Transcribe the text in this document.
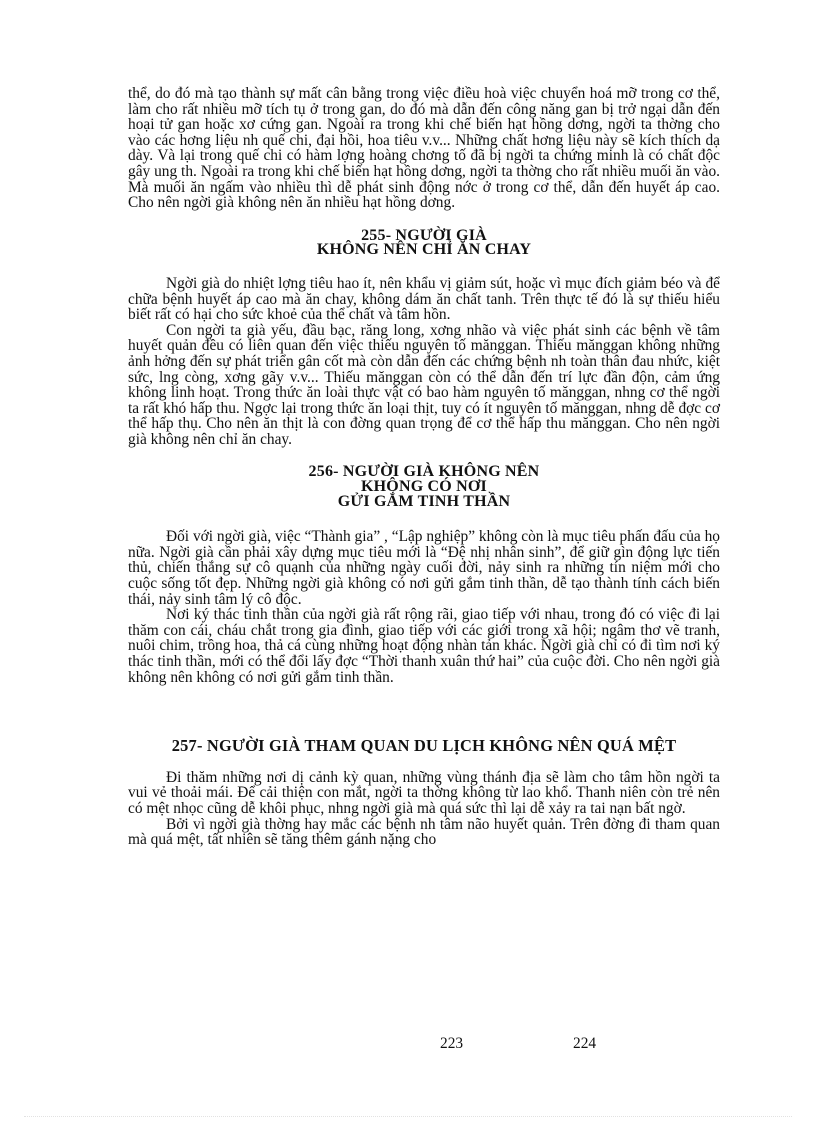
thể, do đó mà tạo thành sự mất cân bằng trong việc điều hoà việc chuyển hoá mỡ trong cơ thể, làm cho rất nhiều mỡ tích tụ ở trong gan, do đó mà dẫn đến công năng gan bị trở ngại dẫn đến hoại tử gan hoặc xơ cứng gan. Ngoài ra trong khi chế biến hạt hồng dơng, ngời ta thờng cho vào các hơng liệu nh quế chi, đại hồi, hoa tiêu v.v... Những chất hơng liệu này sẽ kích thích dạ dày. Và lại trong quế chi có hàm lợng hoàng chơng tố đã bị ngời ta chứng minh là có chất độc gây ung th. Ngoài ra trong khi chế biến hạt hồng dơng, ngời ta thờng cho rất nhiều muối ăn vào. Mà muối ăn ngấm vào nhiều thì dễ phát sinh động nớc ở trong cơ thể, dẫn đến huyết áp cao. Cho nên ngời già không nên ăn nhiều hạt hồng dơng.

255- NGƯỜI GIÀ
KHÔNG NÊN CHỈ ĂN CHAY

Ngời già do nhiệt lợng tiêu hao ít, nên khẩu vị giảm sút, hoặc vì mục đích giảm béo và để chữa bệnh huyết áp cao mà ăn chay, không dám ăn chất tanh. Trên thực tế đó là sự thiếu hiểu biết rất có hại cho sức khoẻ của thể chất và tâm hồn.

Con ngời ta già yếu, đầu bạc, răng long, xơng nhão và việc phát sinh các bệnh về tâm huyết quản đều có liên quan đến việc thiếu nguyên tố mănggan. Thiếu mănggan không những ảnh hởng đến sự phát triển gân cốt mà còn dẫn đến các chứng bệnh nh toàn thân đau nhức, kiệt sức, lng còng, xơng gãy v.v... Thiếu mănggan còn có thể dẫn đến trí lực đần độn, cảm ứng không linh hoạt. Trong thức ăn loài thực vật có bao hàm nguyên tố mănggan, nhng cơ thể ngời ta rất khó hấp thu. Ngợc lại trong thức ăn loại thịt, tuy có ít nguyên tố mănggan, nhng dễ đợc cơ thể hấp thụ. Cho nên ăn thịt là con đờng quan trọng để cơ thể hấp thu mănggan. Cho nên ngời già không nên chỉ ăn chay.

256- NGƯỜI GIÀ KHÔNG NÊN
KHÔNG CÓ NƠI
GỬI GẮM TINH THẦN

Đối với ngời già, việc “Thành gia” , “Lập nghiệp” không còn là mục tiêu phấn đấu của họ nữa. Ngời già cần phải xây dựng mục tiêu mới là “Đệ nhị nhân sinh”, để giữ gìn động lực tiến thủ, chiến thắng sự cô quạnh của những ngày cuối đời, nảy sinh ra những tín niệm mới cho cuộc sống tốt đẹp. Những ngời già không có nơi gửi gắm tinh thần, dễ tạo thành tính cách biến thái, nảy sinh tâm lý cô độc.

Nơi ký thác tinh thần của ngời già rất rộng rãi, giao tiếp với nhau, trong đó có việc đi lại thăm con cái, cháu chắt trong gia đình, giao tiếp với các giới trong xã hội; ngâm thơ vẽ tranh, nuôi chim, trồng hoa, thả cá cùng những hoạt động nhàn tản khác. Ngời già chỉ có đi tìm nơi ký thác tinh thần, mới có thể đổi lấy đợc “Thời thanh xuân thứ hai” của cuộc đời. Cho nên ngời già không nên không có nơi gửi gắm tinh thần.

257- NGƯỜI GIÀ THAM QUAN DU LỊCH KHÔNG NÊN QUÁ MỆT

Đi thăm những nơi dị cảnh kỳ quan, những vùng thánh địa sẽ làm cho tâm hồn ngời ta vui vẻ thoải mái. Để cải thiện con mắt, ngời ta thờng không từ lao khổ. Thanh niên còn trẻ nên có mệt nhọc cũng dễ khôi phục, nhng ngời già mà quá sức thì lại dễ xảy ra tai nạn bất ngờ.

Bởi vì ngời già thờng hay mắc các bệnh nh tâm não huyết quản. Trên đờng đi tham quan mà quá mệt, tất nhiên sẽ tăng thêm gánh nặng cho

223	224
